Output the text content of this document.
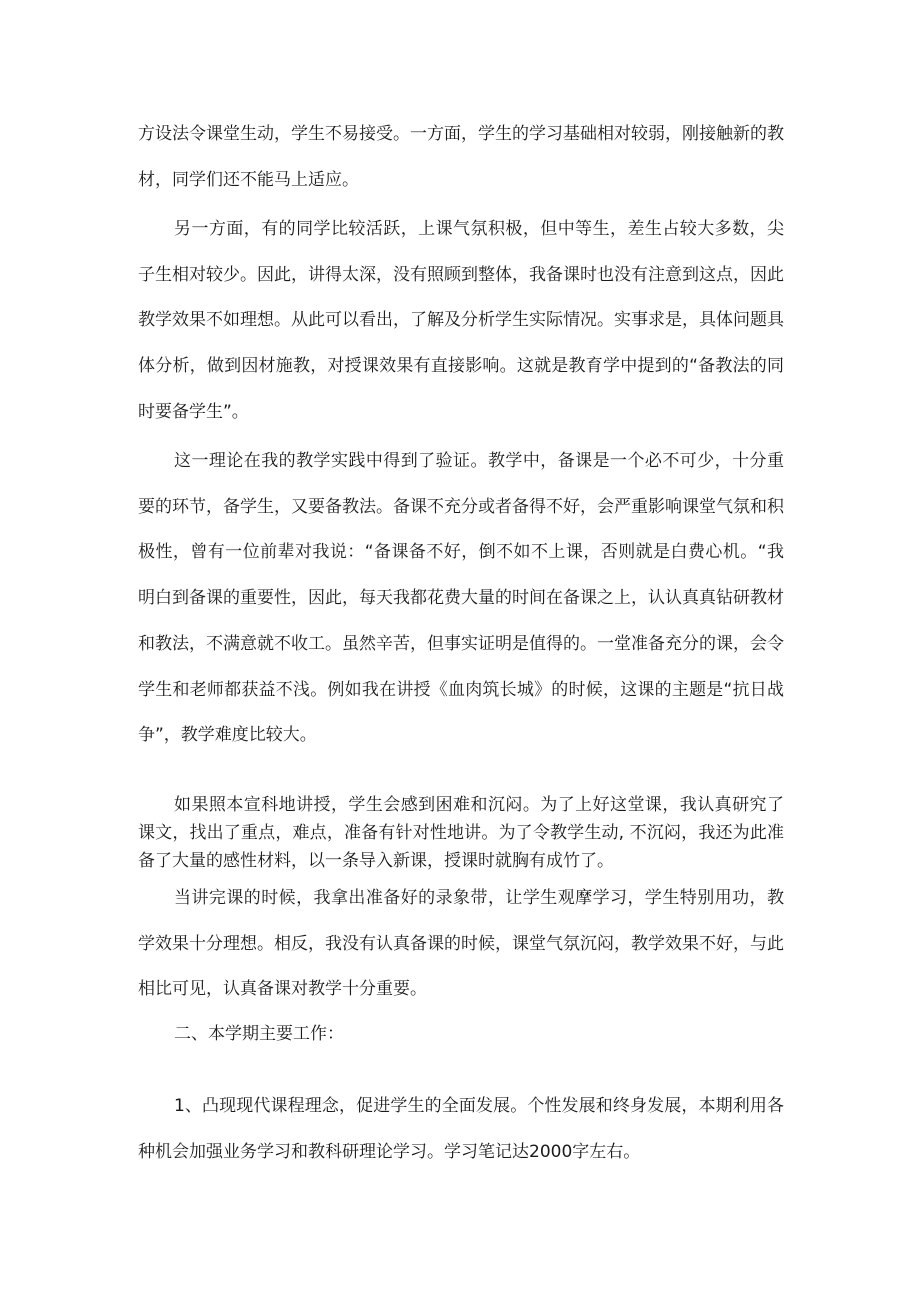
方设法令课堂生动，学生不易接受。一方面，学生的学习基础相对较弱，刚接触新的教材，同学们还不能马上适应。

另一方面，有的同学比较活跃，上课气氛积极，但中等生，差生占较大多数，尖子生相对较少。因此，讲得太深，没有照顾到整体，我备课时也没有注意到这点，因此教学效果不如理想。从此可以看出，了解及分析学生实际情况。实事求是，具体问题具体分析，做到因材施教，对授课效果有直接影响。这就是教育学中提到的“备教法的同时要备学生”。

这一理论在我的教学实践中得到了验证。教学中，备课是一个必不可少，十分重要的环节，备学生，又要备教法。备课不充分或者备得不好，会严重影响课堂气氛和积极性，曾有一位前辈对我说：“备课备不好，倒不如不上课，否则就是白费心机。“我明白到备课的重要性，因此，每天我都花费大量的时间在备课之上，认认真真钻研教材和教法，不满意就不收工。虽然辛苦，但事实证明是值得的。一堂准备充分的课，会令学生和老师都获益不浅。例如我在讲授《血肉筑长城》的时候，这课的主题是“抗日战争”，教学难度比较大。

如果照本宣科地讲授，学生会感到困难和沉闷。为了上好这堂课，我认真研究了课文，找出了重点，难点，准备有针对性地讲。为了令教学生动, 不沉闷，我还为此准备了大量的感性材料，以一条导入新课，授课时就胸有成竹了。

当讲完课的时候，我拿出准备好的录象带，让学生观摩学习，学生特别用功，教学效果十分理想。相反，我没有认真备课的时候，课堂气氛沉闷，教学效果不好，与此相比可见，认真备课对教学十分重要。

二、本学期主要工作：

1、凸现现代课程理念，促进学生的全面发展。个性发展和终身发展，本期利用各种机会加强业务学习和教科研理论学习。学习笔记达2000字左右。
